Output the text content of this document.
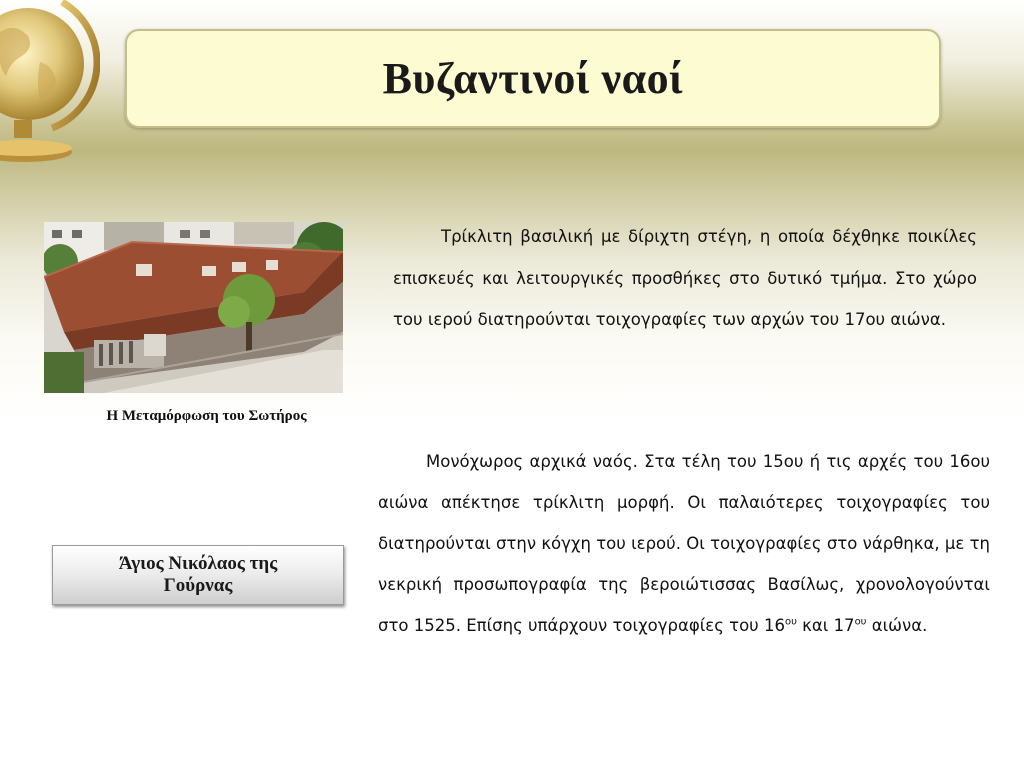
Βυζαντινοί ναοί
Η Μεταμόρφωση του Σωτήρος
Άγιος Νικόλαος της Γούρνας

Τρίκλιτη βασιλική με δίριχτη στέγη, η οποία δέχθηκε ποικίλες επισκευές και λειτουργικές προσθήκες στο δυτικό τμήμα. Στο χώρο του ιερού διατηρούνται τοιχογραφίες των αρχών του 17ου αιώνα.

Μονόχωρος αρχικά ναός. Στα τέλη του 15ου ή τις αρχές του 16ου αιώνα απέκτησε τρίκλιτη μορφή. Οι παλαιότερες τοιχογραφίες του διατηρούνται στην κόγχη του ιερού. Οι τοιχογραφίες στο νάρθηκα, με τη νεκρική προσωπογραφία της βεροιώτισσας Βασίλως, χρονολογούνται στο 1525. Επίσης υπάρχουν τοιχογραφίες του $16^{o\upsilon}$ και $17^{o\upsilon}$ αιώνα.
